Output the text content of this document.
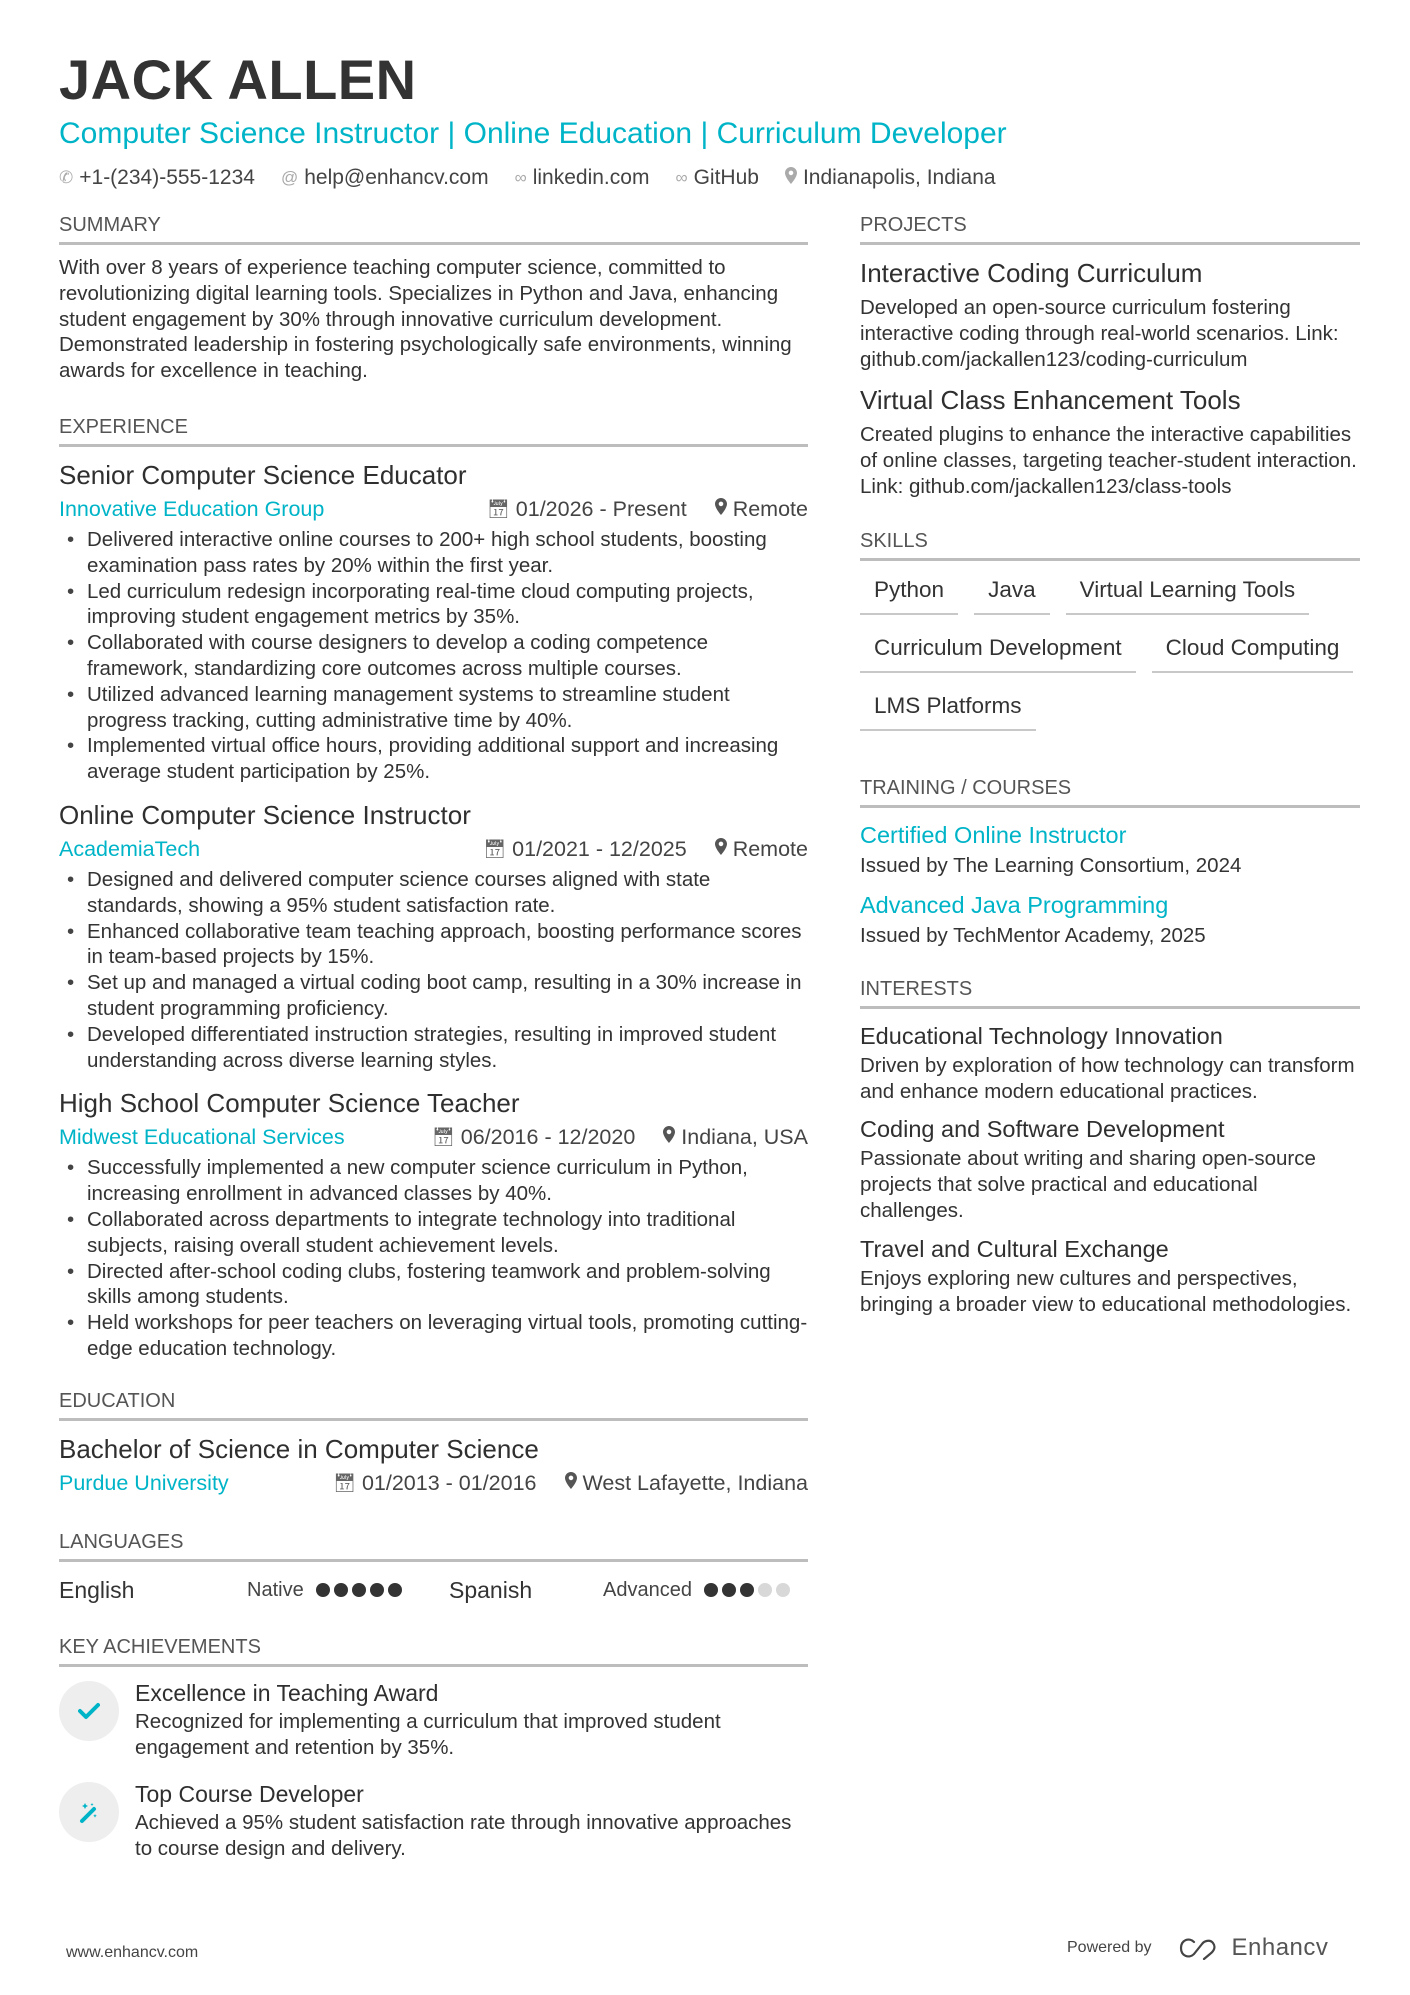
JACK ALLEN
Computer Science Instructor | Online Education | Curriculum Developer
✆ +1-(234)-555-1234 @ help@enhancv.com ∞ linkedin.com ∞ GitHub Indianapolis, Indiana
SUMMARY
With over 8 years of experience teaching computer science, committed to revolutionizing digital learning tools. Specializes in Python and Java, enhancing student engagement by 30% through innovative curriculum development. Demonstrated leadership in fostering psychologically safe environments, winning awards for excellence in teaching.
EXPERIENCE
Senior Computer Science Educator
Innovative Education Group	📅︎ 01/2026 - Present Remote
• Delivered interactive online courses to 200+ high school students, boosting examination pass rates by 20% within the first year.
• Led curriculum redesign incorporating real-time cloud computing projects, improving student engagement metrics by 35%.
• Collaborated with course designers to develop a coding competence framework, standardizing core outcomes across multiple courses.
• Utilized advanced learning management systems to streamline student progress tracking, cutting administrative time by 40%.
• Implemented virtual office hours, providing additional support and increasing average student participation by 25%.
Online Computer Science Instructor
AcademiaTech	📅︎ 01/2021 - 12/2025 Remote
• Designed and delivered computer science courses aligned with state standards, showing a 95% student satisfaction rate.
• Enhanced collaborative team teaching approach, boosting performance scores in team-based projects by 15%.
• Set up and managed a virtual coding boot camp, resulting in a 30% increase in student programming proficiency.
• Developed differentiated instruction strategies, resulting in improved student understanding across diverse learning styles.
High School Computer Science Teacher
Midwest Educational Services	📅︎ 06/2016 - 12/2020 Indiana, USA
• Successfully implemented a new computer science curriculum in Python, increasing enrollment in advanced classes by 40%.
• Collaborated across departments to integrate technology into traditional subjects, raising overall student achievement levels.
• Directed after-school coding clubs, fostering teamwork and problem-solving skills among students.
• Held workshops for peer teachers on leveraging virtual tools, promoting cutting-edge education technology.
EDUCATION
Bachelor of Science in Computer Science
Purdue University	📅︎ 01/2013 - 01/2016 West Lafayette, Indiana
LANGUAGES
English	Native	Spanish	Advanced
KEY ACHIEVEMENTS
Excellence in Teaching Award
Recognized for implementing a curriculum that improved student engagement and retention by 35%.
Top Course Developer
Achieved a 95% student satisfaction rate through innovative approaches to course design and delivery.
PROJECTS
Interactive Coding Curriculum
Developed an open-source curriculum fostering interactive coding through real-world scenarios. Link: github.com/jackallen123/coding-curriculum
Virtual Class Enhancement Tools
Created plugins to enhance the interactive capabilities of online classes, targeting teacher-student interaction. Link: github.com/jackallen123/class-tools
SKILLS
Python	Java	Virtual Learning Tools
Curriculum Development	Cloud Computing
LMS Platforms
TRAINING / COURSES
Certified Online Instructor
Issued by The Learning Consortium, 2024
Advanced Java Programming
Issued by TechMentor Academy, 2025
INTERESTS
Educational Technology Innovation
Driven by exploration of how technology can transform and enhance modern educational practices.
Coding and Software Development
Passionate about writing and sharing open-source projects that solve practical and educational challenges.
Travel and Cultural Exchange
Enjoys exploring new cultures and perspectives, bringing a broader view to educational methodologies.
www.enhancv.com	Powered by	Enhancv
